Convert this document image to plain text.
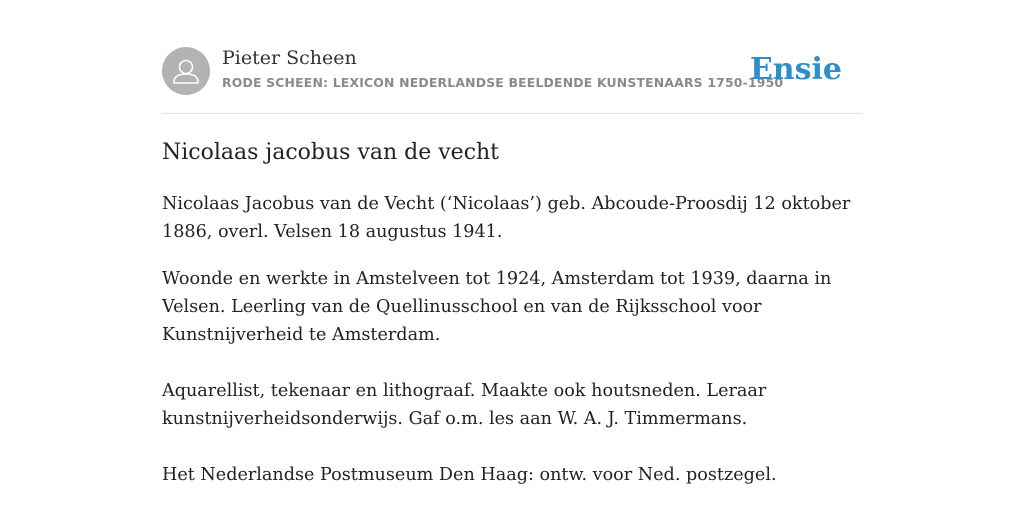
Pieter Scheen
RODE SCHEEN: LEXICON NEDERLANDSE BEELDENDE KUNSTENAARS 1750-1950
Ensie
Nicolaas jacobus van de vecht

Nicolaas Jacobus van de Vecht (‘Nicolaas’) geb. Abcoude-Proosdij 12 oktober
1886, overl. Velsen 18 augustus 1941.

Woonde en werkte in Amstelveen tot 1924, Amsterdam tot 1939, daarna in
Velsen. Leerling van de Quellinusschool en van de Rijksschool voor
Kunstnijverheid te Amsterdam.

Aquarellist, tekenaar en lithograaf. Maakte ook houtsneden. Leraar
kunstnijverheidsonderwijs. Gaf o.m. les aan W. A. J. Timmermans.

Het Nederlandse Postmuseum Den Haag: ontw. voor Ned. postzegel.
